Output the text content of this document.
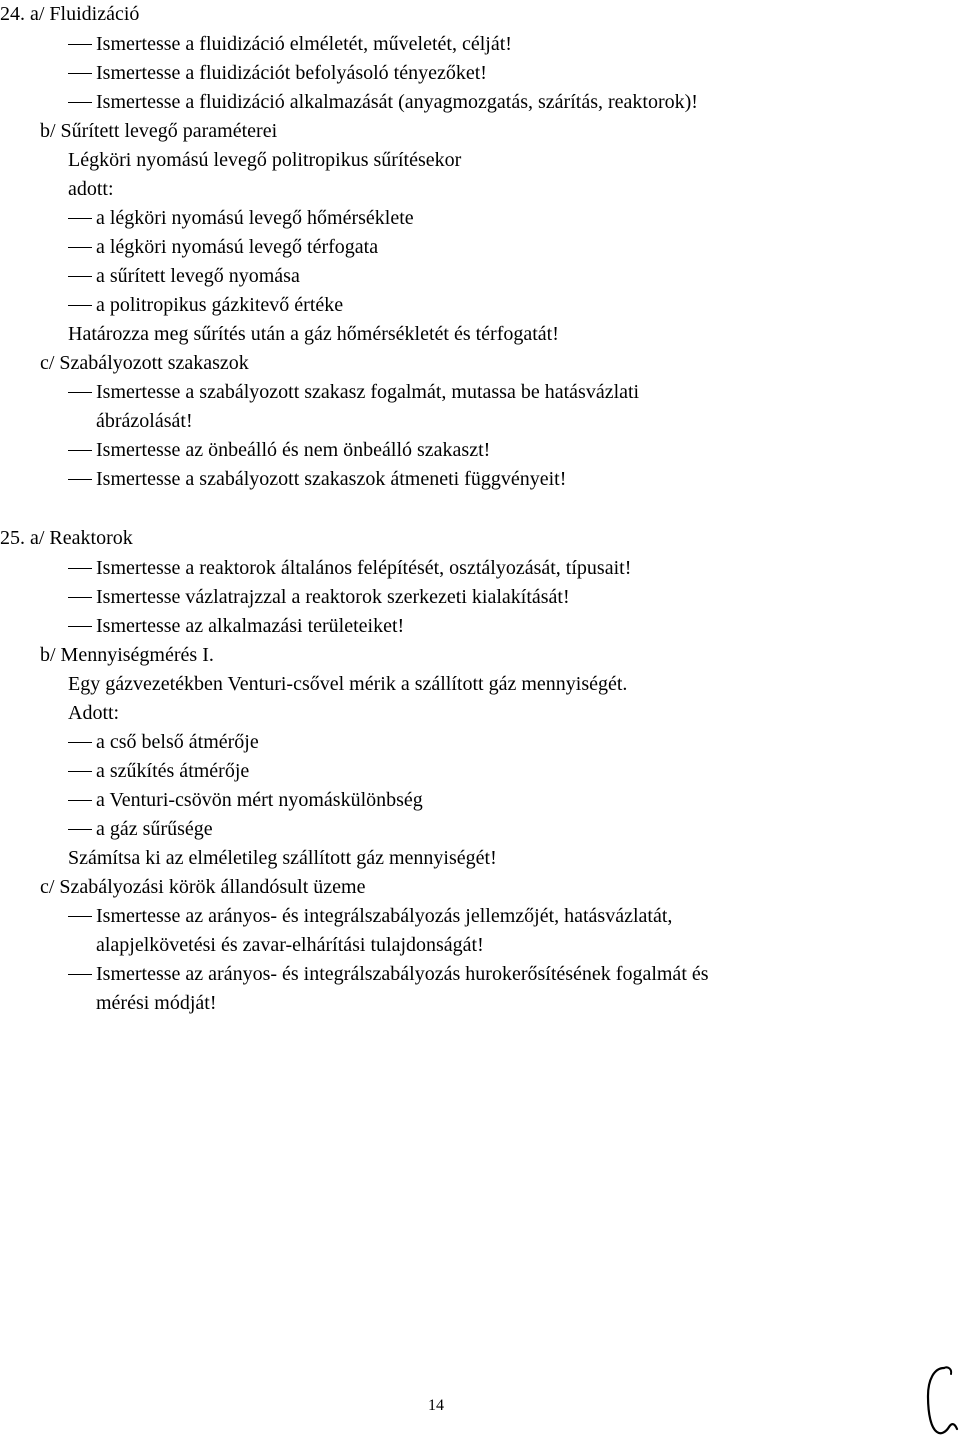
24. a/ Fluidizáció
Ismertesse a fluidizáció elméletét, műveletét, célját!
Ismertesse a fluidizációt befolyásoló tényezőket!
Ismertesse a fluidizáció alkalmazását (anyagmozgatás, szárítás, reaktorok)!
b/ Sűrített levegő paraméterei
Légköri nyomású levegő politropikus sűrítésekor
adott:
a légköri nyomású levegő hőmérséklete
a légköri nyomású levegő térfogata
a sűrített levegő nyomása
a politropikus gázkitevő értéke
Határozza meg sűrítés után a gáz hőmérsékletét és térfogatát!
c/ Szabályozott szakaszok
Ismertesse a szabályozott szakasz fogalmát, mutassa be hatásvázlati
ábrázolását!
Ismertesse az önbeálló és nem önbeálló szakaszt!
Ismertesse a szabályozott szakaszok átmeneti függvényeit!
25. a/ Reaktorok
Ismertesse a reaktorok általános felépítését, osztályozását, típusait!
Ismertesse vázlatrajzzal a reaktorok szerkezeti kialakítását!
Ismertesse az alkalmazási területeiket!
b/ Mennyiségmérés I.
Egy gázvezetékben Venturi-csővel mérik a szállított gáz mennyiségét.
Adott:
a cső belső átmérője
a szűkítés átmérője
a Venturi-csövön mért nyomáskülönbség
a gáz sűrűsége
Számítsa ki az elméletileg szállított gáz mennyiségét!
c/ Szabályozási körök állandósult üzeme
Ismertesse az arányos- és integrálszabályozás jellemzőjét, hatásvázlatát,
alapjelkövetési és zavar-elhárítási tulajdonságát!
Ismertesse az arányos- és integrálszabályozás hurokerősítésének fogalmát és
mérési módját!
14
